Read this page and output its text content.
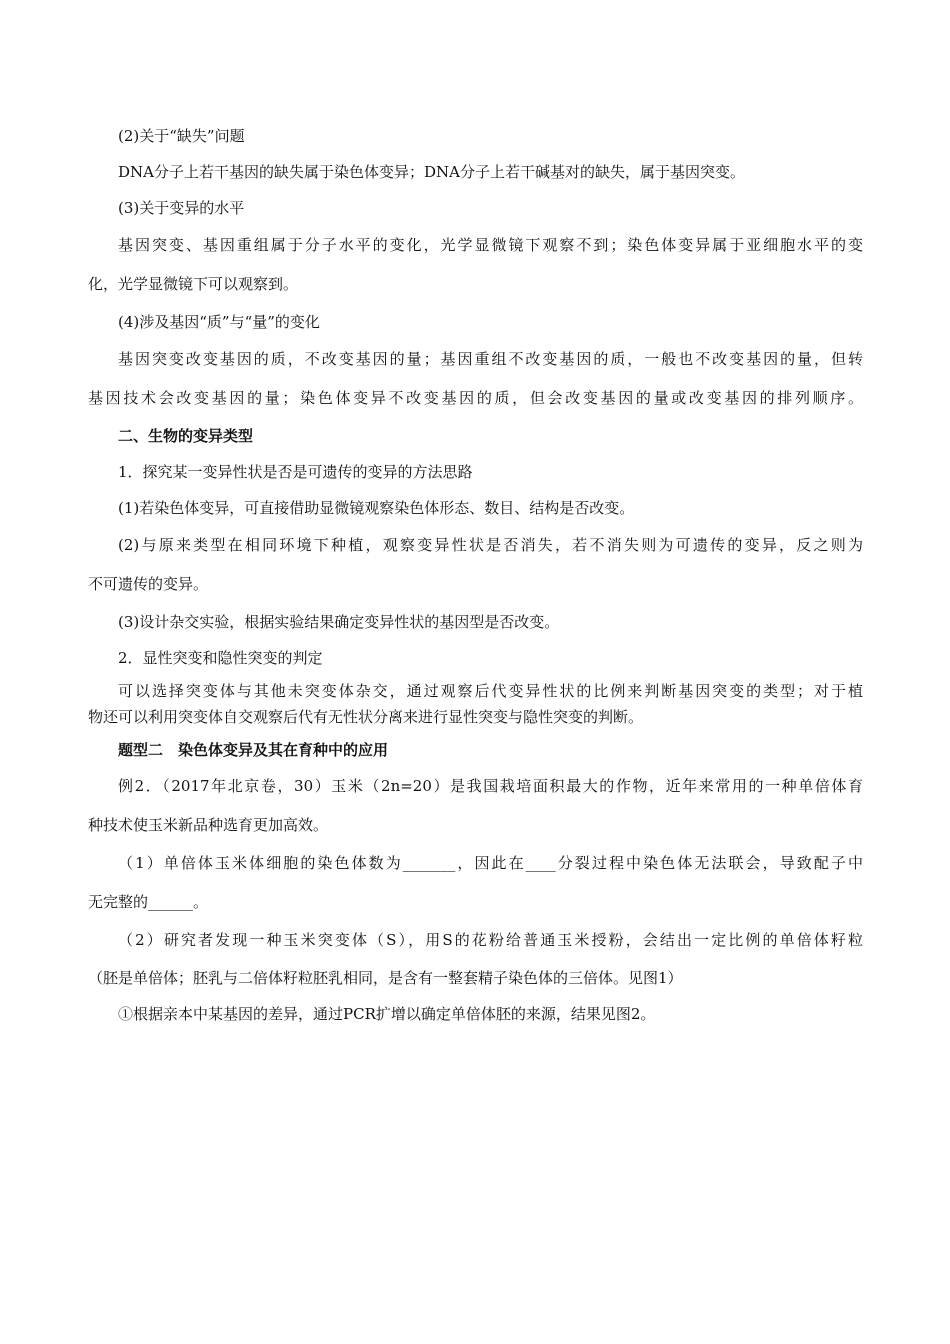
(2)关于“缺失”问题
DNA分子上若干基因的缺失属于染色体变异；DNA分子上若干碱基对的缺失，属于基因突变。
(3)关于变异的水平
基因突变、基因重组属于分子水平的变化，光学显微镜下观察不到；染色体变异属于亚细胞水平的变
化，光学显微镜下可以观察到。
(4)涉及基因“质”与“量”的变化
基因突变改变基因的质，不改变基因的量；基因重组不改变基因的质，一般也不改变基因的量，但转
基因技术会改变基因的量；染色体变异不改变基因的质，但会改变基因的量或改变基因的排列顺序。
二、生物的变异类型
1．探究某一变异性状是否是可遗传的变异的方法思路
(1)若染色体变异，可直接借助显微镜观察染色体形态、数目、结构是否改变。
(2)与原来类型在相同环境下种植，观察变异性状是否消失，若不消失则为可遗传的变异，反之则为
不可遗传的变异。
(3)设计杂交实验，根据实验结果确定变异性状的基因型是否改变。
2．显性突变和隐性突变的判定
可以选择突变体与其他未突变体杂交，通过观察后代变异性状的比例来判断基因突变的类型；对于植
物还可以利用突变体自交观察后代有无性状分离来进行显性突变与隐性突变的判断。
题型二　染色体变异及其在育种中的应用
例2．（2017年北京卷，30）玉米（2n=20）是我国栽培面积最大的作物，近年来常用的一种单倍体育
种技术使玉米新品种选育更加高效。
（1）单倍体玉米体细胞的染色体数为_______，因此在____分裂过程中染色体无法联会，导致配子中
无完整的______。
（2）研究者发现一种玉米突变体（S），用S的花粉给普通玉米授粉，会结出一定比例的单倍体籽粒
（胚是单倍体；胚乳与二倍体籽粒胚乳相同，是含有一整套精子染色体的三倍体。见图1）
①根据亲本中某基因的差异，通过PCR扩增以确定单倍体胚的来源，结果见图2。
